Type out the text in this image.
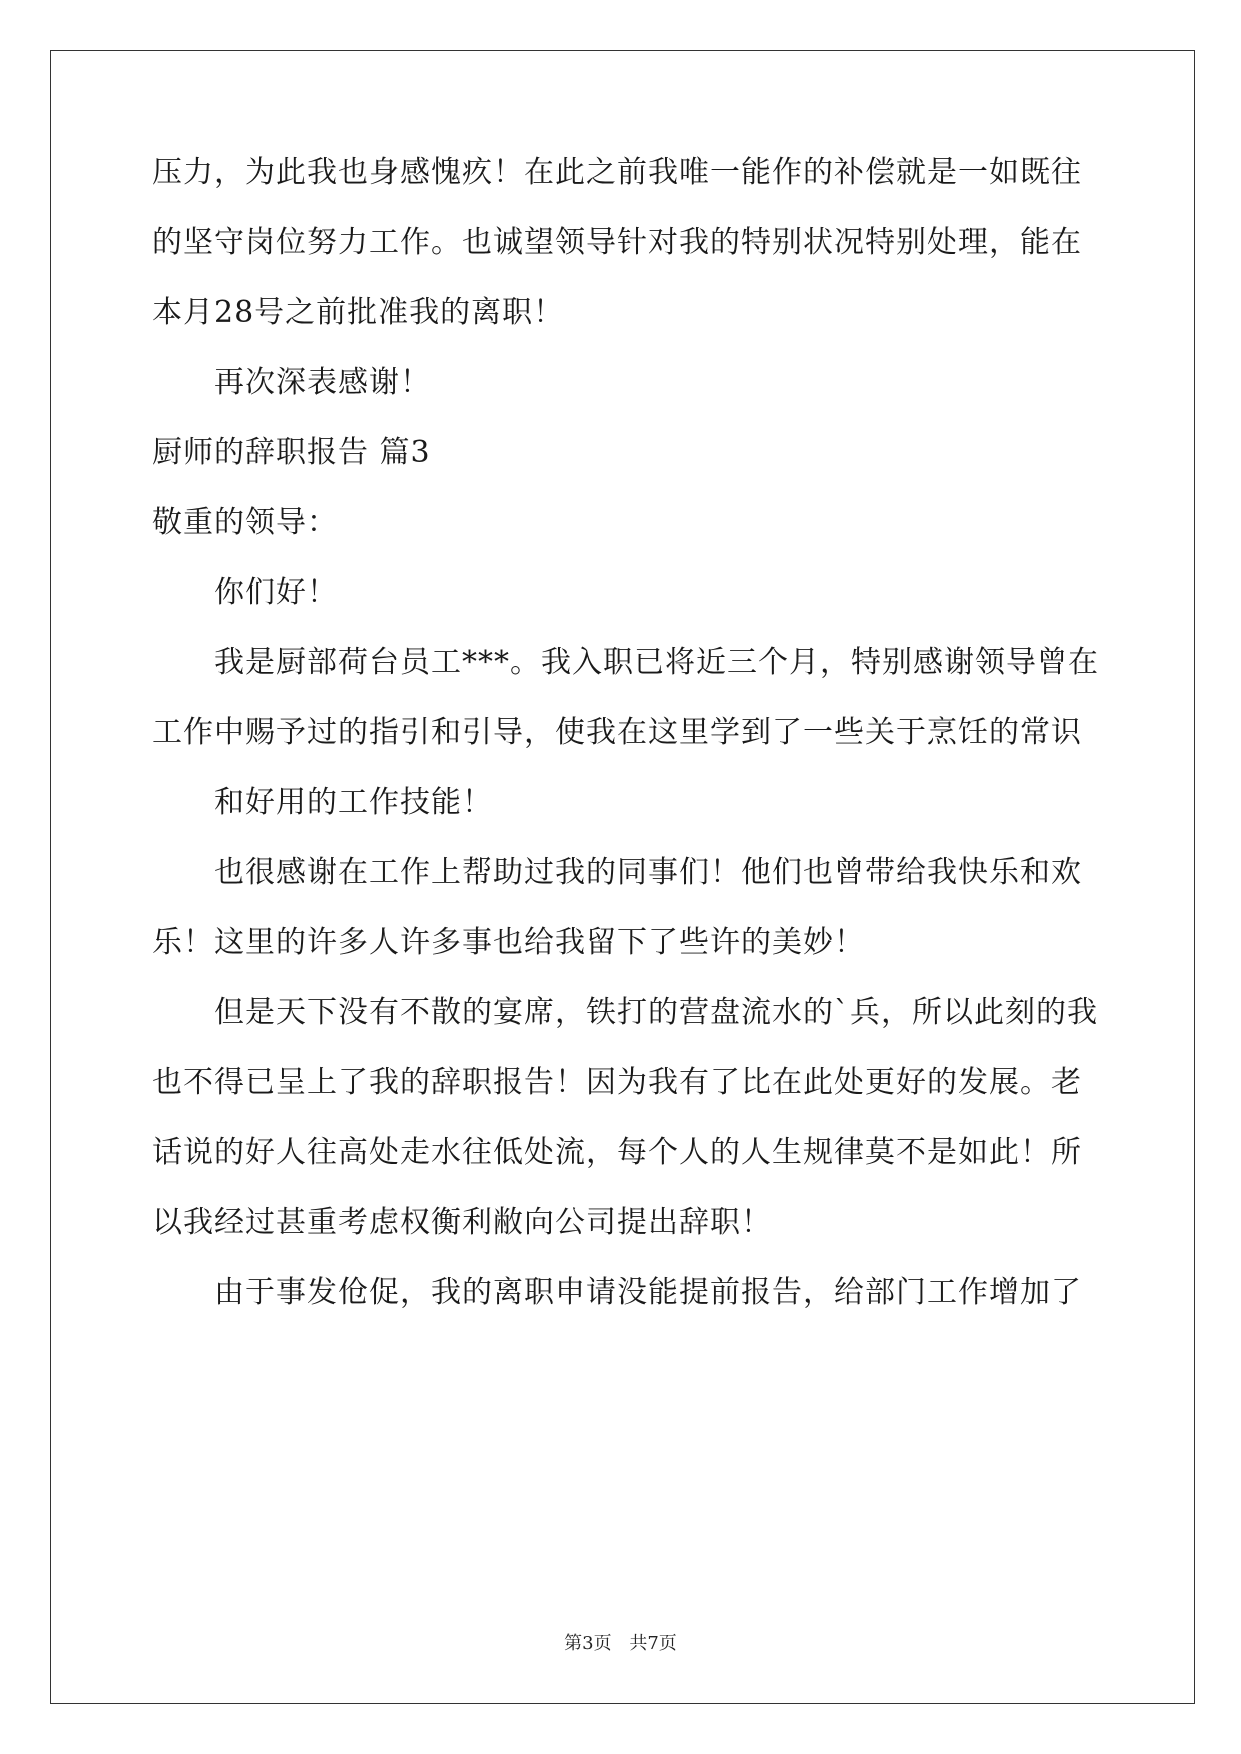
压力，为此我也身感愧疚！在此之前我唯一能作的补偿就是一如既往
的坚守岗位努力工作。也诚望领导针对我的特别状况特别处理，能在
本月28号之前批准我的离职！
再次深表感谢！
厨师的辞职报告 篇3
敬重的领导：
你们好！
我是厨部荷台员工***。我入职已将近三个月，特别感谢领导曾在
工作中赐予过的指引和引导，使我在这里学到了一些关于烹饪的常识
和好用的工作技能！
也很感谢在工作上帮助过我的同事们！他们也曾带给我快乐和欢
乐！这里的许多人许多事也给我留下了些许的美妙！
但是天下没有不散的宴席，铁打的营盘流水的`兵，所以此刻的我
也不得已呈上了我的辞职报告！因为我有了比在此处更好的发展。老
话说的好人往高处走水往低处流，每个人的人生规律莫不是如此！所
以我经过甚重考虑权衡利敝向公司提出辞职！
由于事发伧促，我的离职申请没能提前报告，给部门工作增加了
第3页 共7页
